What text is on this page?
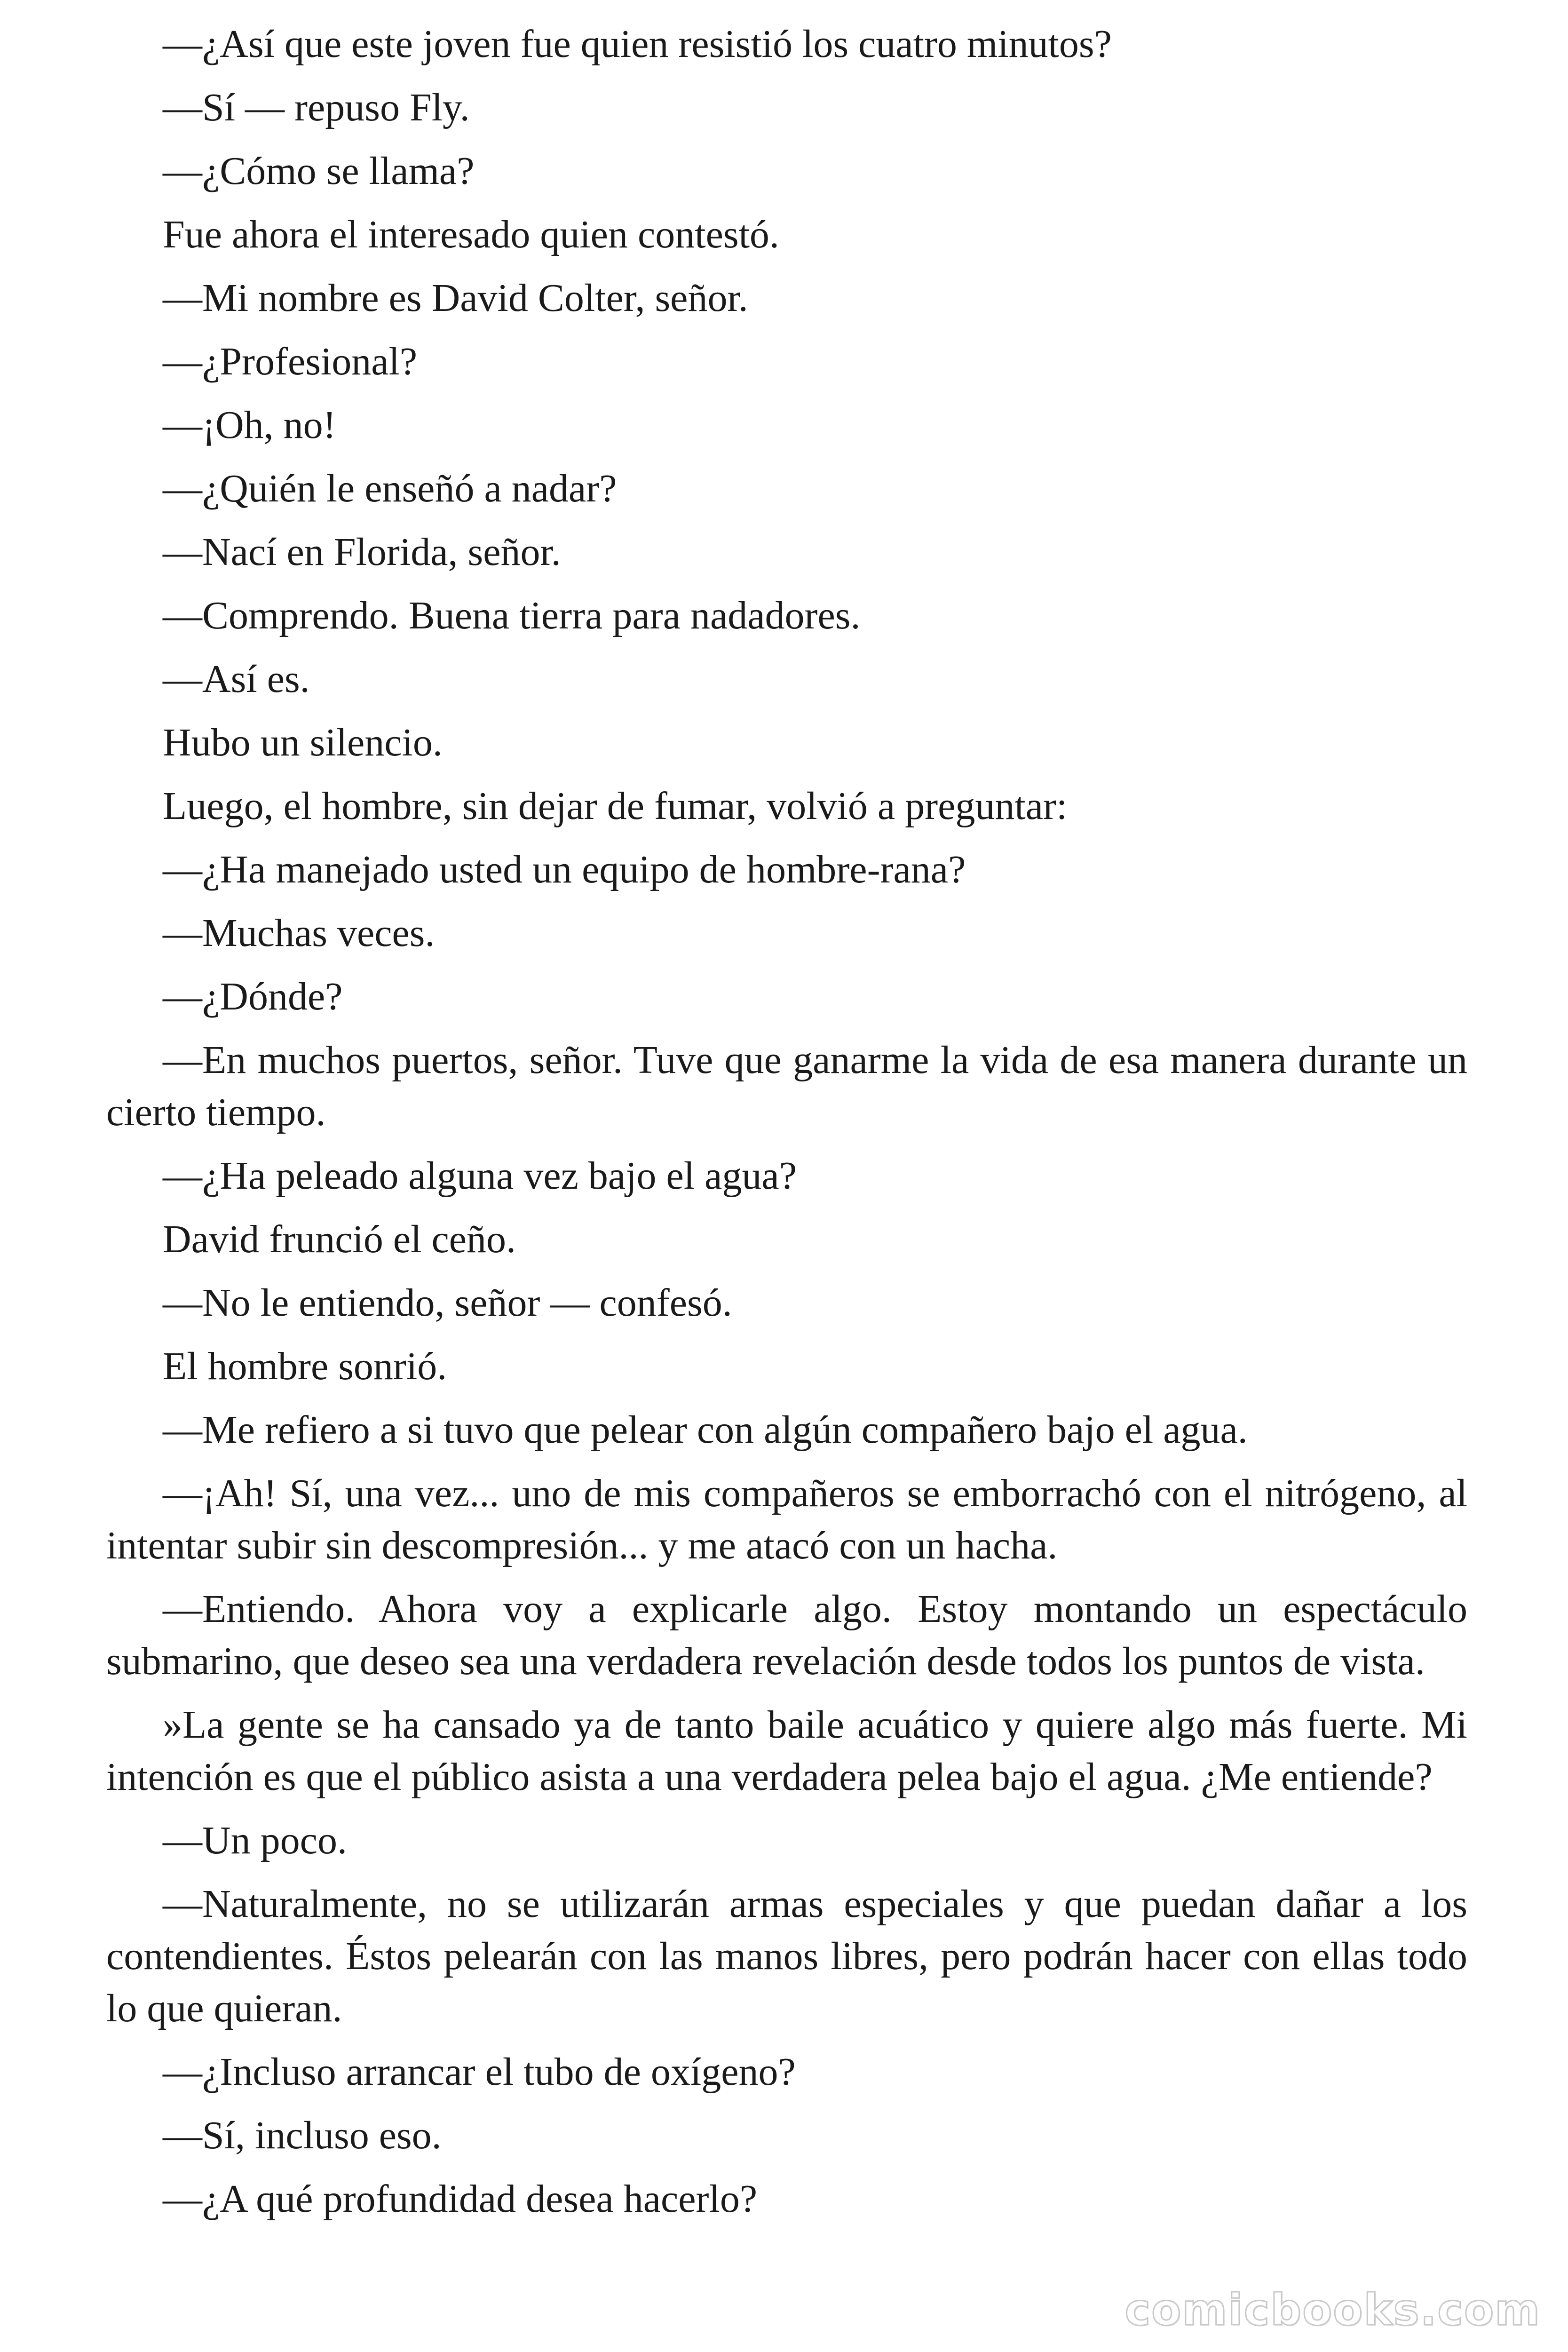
—¿Así que este joven fue quien resistió los cuatro minutos?

—Sí — repuso Fly.

—¿Cómo se llama?

Fue ahora el interesado quien contestó.

—Mi nombre es David Colter, señor.

—¿Profesional?

—¡Oh, no!

—¿Quién le enseñó a nadar?

—Nací en Florida, señor.

—Comprendo. Buena tierra para nadadores.

—Así es.

Hubo un silencio.

Luego, el hombre, sin dejar de fumar, volvió a preguntar:

—¿Ha manejado usted un equipo de hombre-rana?

—Muchas veces.

—¿Dónde?

—En muchos puertos, señor. Tuve que ganarme la vida de esa manera durante un cierto tiempo.

—¿Ha peleado alguna vez bajo el agua?

David frunció el ceño.

—No le entiendo, señor — confesó.

El hombre sonrió.

—Me refiero a si tuvo que pelear con algún compañero bajo el agua.

—¡Ah! Sí, una vez... uno de mis compañeros se emborrachó con el nitrógeno, al intentar subir sin descompresión... y me atacó con un hacha.

—Entiendo. Ahora voy a explicarle algo. Estoy montando un espectáculo submarino, que deseo sea una verdadera revelación desde todos los puntos de vista.

»La gente se ha cansado ya de tanto baile acuático y quiere algo más fuerte. Mi intención es que el público asista a una verdadera pelea bajo el agua. ¿Me entiende?

—Un poco.

—Naturalmente, no se utilizarán armas especiales y que puedan dañar a los contendientes. Éstos pelearán con las manos libres, pero podrán hacer con ellas todo lo que quieran.

—¿Incluso arrancar el tubo de oxígeno?

—Sí, incluso eso.

—¿A qué profundidad desea hacerlo?

comicbooks.com
